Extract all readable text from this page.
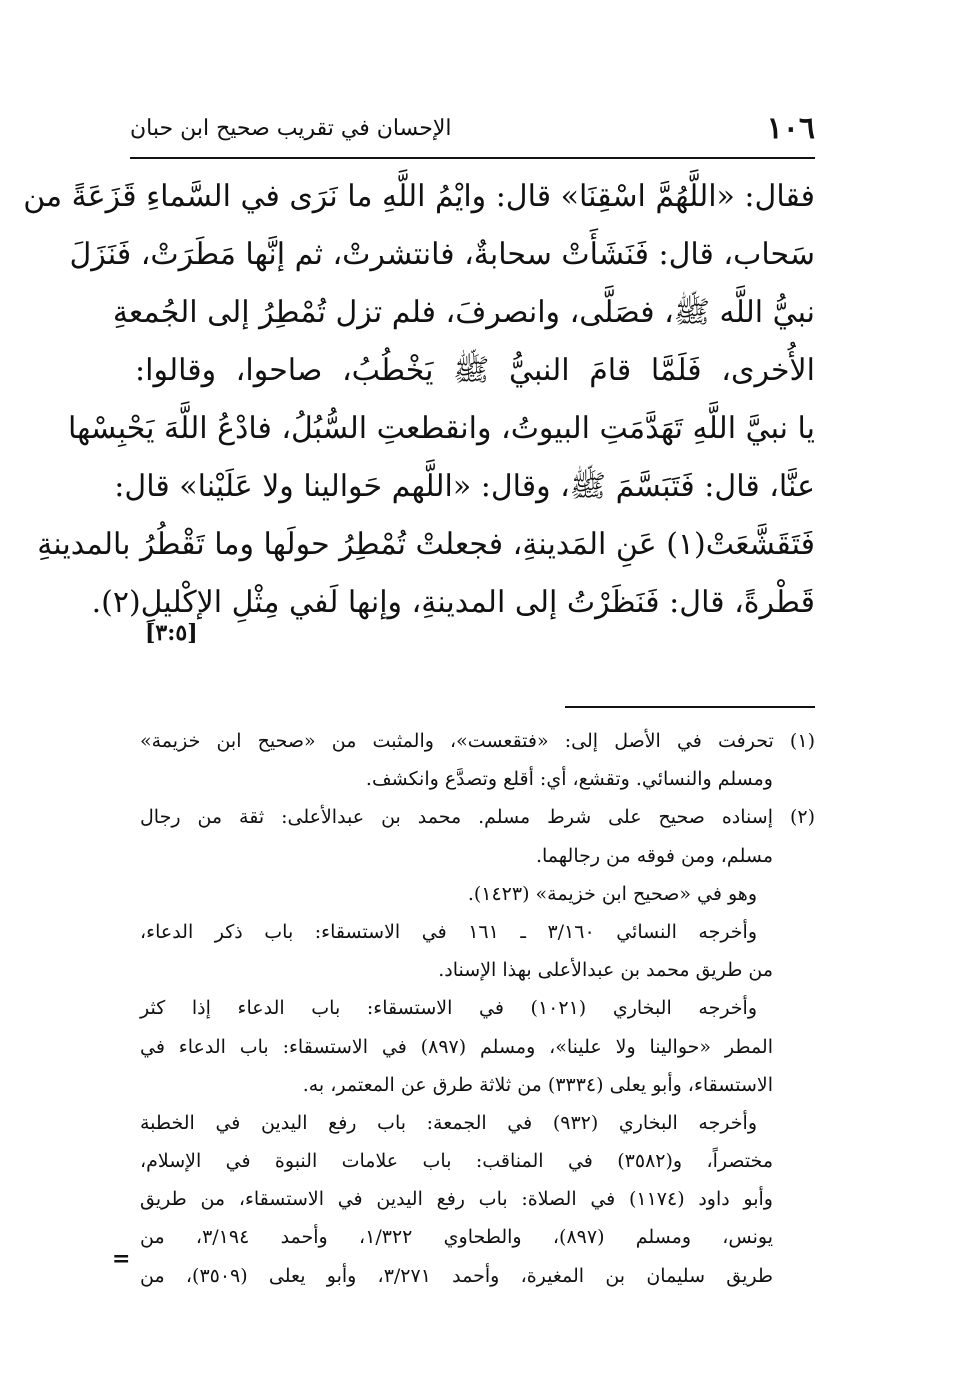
١٠٦
الإحسان في تقريب صحيح ابن حبان
فقال: «اللَّهُمَّ اسْقِنَا» قال: وايْمُ اللَّهِ ما نَرَى في السَّماءِ قَزَعَةً من
سَحاب، قال: فَنَشَأَتْ سحابةٌ، فانتشرتْ، ثم إنَّها مَطَرَتْ، فَنَزَلَ
نبيُّ اللَّه ﷺ، فصَلَّى، وانصرفَ، فلم تزل تُمْطِرُ إلى الجُمعةِ
الأُخرى، فَلَمَّا قامَ النبيُّ ﷺ يَخْطُبُ، صاحوا، وقالوا:
يا نبيَّ اللَّهِ تَهَدَّمَتِ البيوتُ، وانقطعتِ السُّبُلُ، فادْعُ اللَّهَ يَحْبِسْها
عنَّا، قال: فَتَبَسَّمَ ﷺ، وقال: «اللَّهم حَوالينا ولا عَلَيْنا» قال:
فَتَقَشَّعَتْ(١) عَنِ المَدينةِ، فجعلتْ تُمْطِرُ حولَها وما تَقْطُرُ بالمدينةِ
قَطْرةً، قال: فَنَظَرْتُ إلى المدينةِ، وإنها لَفي مِثْلِ الإكْليلِ(٢).
[٣:٥]
(١) تحرفت في الأصل إلى: «فتقعست»، والمثبت من «صحيح ابن خزيمة»
ومسلم والنسائي. وتقشع، أي: أقلع وتصدَّع وانكشف.
(٢) إسناده صحيح على شرط مسلم. محمد بن عبدالأعلى: ثقة من رجال
مسلم، ومن فوقه من رجالهما.
وهو في «صحيح ابن خزيمة» (١٤٢٣).
وأخرجه النسائي ٣/١٦٠ ـ ١٦١ في الاستسقاء: باب ذكر الدعاء،
من طريق محمد بن عبدالأعلى بهذا الإسناد.
وأخرجه البخاري (١٠٢١) في الاستسقاء: باب الدعاء إذا كثر
المطر «حوالينا ولا علينا»، ومسلم (٨٩٧) في الاستسقاء: باب الدعاء في
الاستسقاء، وأبو يعلى (٣٣٣٤) من ثلاثة طرق عن المعتمر، به.
وأخرجه البخاري (٩٣٢) في الجمعة: باب رفع اليدين في الخطبة
مختصراً، و(٣٥٨٢) في المناقب: باب علامات النبوة في الإسلام،
وأبو داود (١١٧٤) في الصلاة: باب رفع اليدين في الاستسقاء، من طريق
يونس، ومسلم (٨٩٧)، والطحاوي ١/٣٢٢، وأحمد ٣/١٩٤، من
طريق سليمان بن المغيرة، وأحمد ٣/٢٧١، وأبو يعلى (٣٥٠٩)، من
=
